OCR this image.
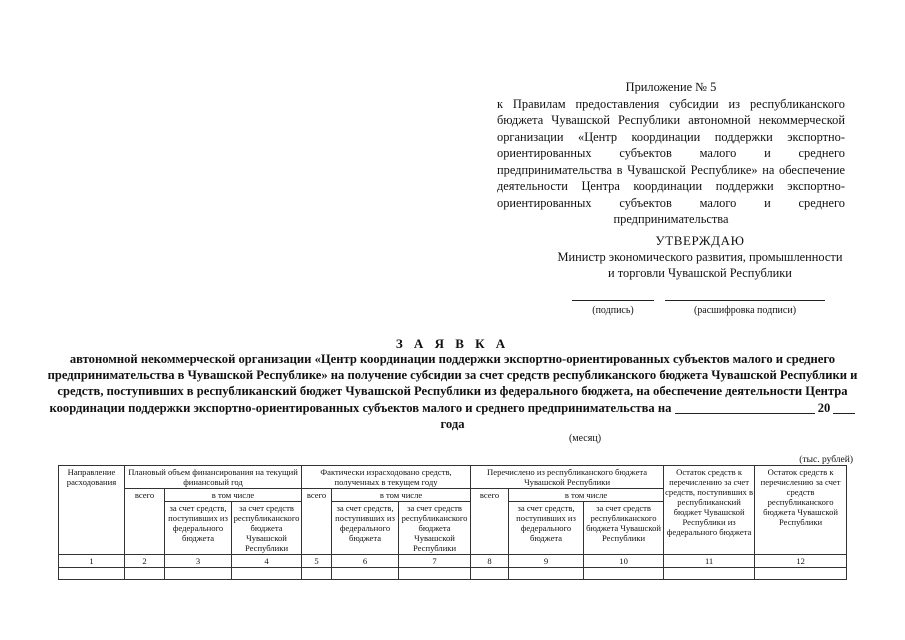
Приложение № 5
к Правилам предоставления субсидии из республиканского бюджета Чувашской Республики автономной некоммерческой организации «Центр координации поддержки экспортно-ориентированных субъектов малого и среднего предпринимательства в Чувашской Республике» на обеспечение деятельности Центра координации поддержки экспортно-ориентированных субъектов малого и среднего предпринимательства
УТВЕРЖДАЮ
Министр экономического развития, промышленности и торговли Чувашской Республики
(подпись)	(расшифровка подписи)
З А Я В К А
автономной некоммерческой организации «Центр координации поддержки экспортно-ориентированных субъектов малого и среднего предпринимательства в Чувашской Республике» на получение субсидии за счет средств республиканского бюджета Чувашской Республики и средств, поступивших в республиканский бюджет Чувашской Республики из федерального бюджета, на обеспечение деятельности Центра координации поддержки экспортно-ориентированных субъектов малого и среднего предпринимательства на	20  года
(месяц)
(тыс. рублей)
Направление расходования	Плановый объем финансирования на текущий финансовый год			Фактически израсходовано средств, полученных в текущем году			Перечислено из республиканского бюджета Чувашской Республики			Остаток средств к перечислению за счет средств, поступивших в республиканский бюджет Чувашской Республики из федерального бюджета	Остаток средств к перечислению за счет средств республиканского бюджета Чувашской Республики
	всего	в том числе		всего	в том числе		всего	в том числе			
		за счет средств, поступивших из федерального бюджета	за счет средств республиканского бюджета Чувашской Республики		за счет средств, поступивших из федерального бюджета	за счет средств республиканского бюджета Чувашской Республики		за счет средств, поступивших из федерального бюджета	за счет средств республиканского бюджета Чувашской Республики		
1	2	3	4	5	6	7	8	9	10	11	12
